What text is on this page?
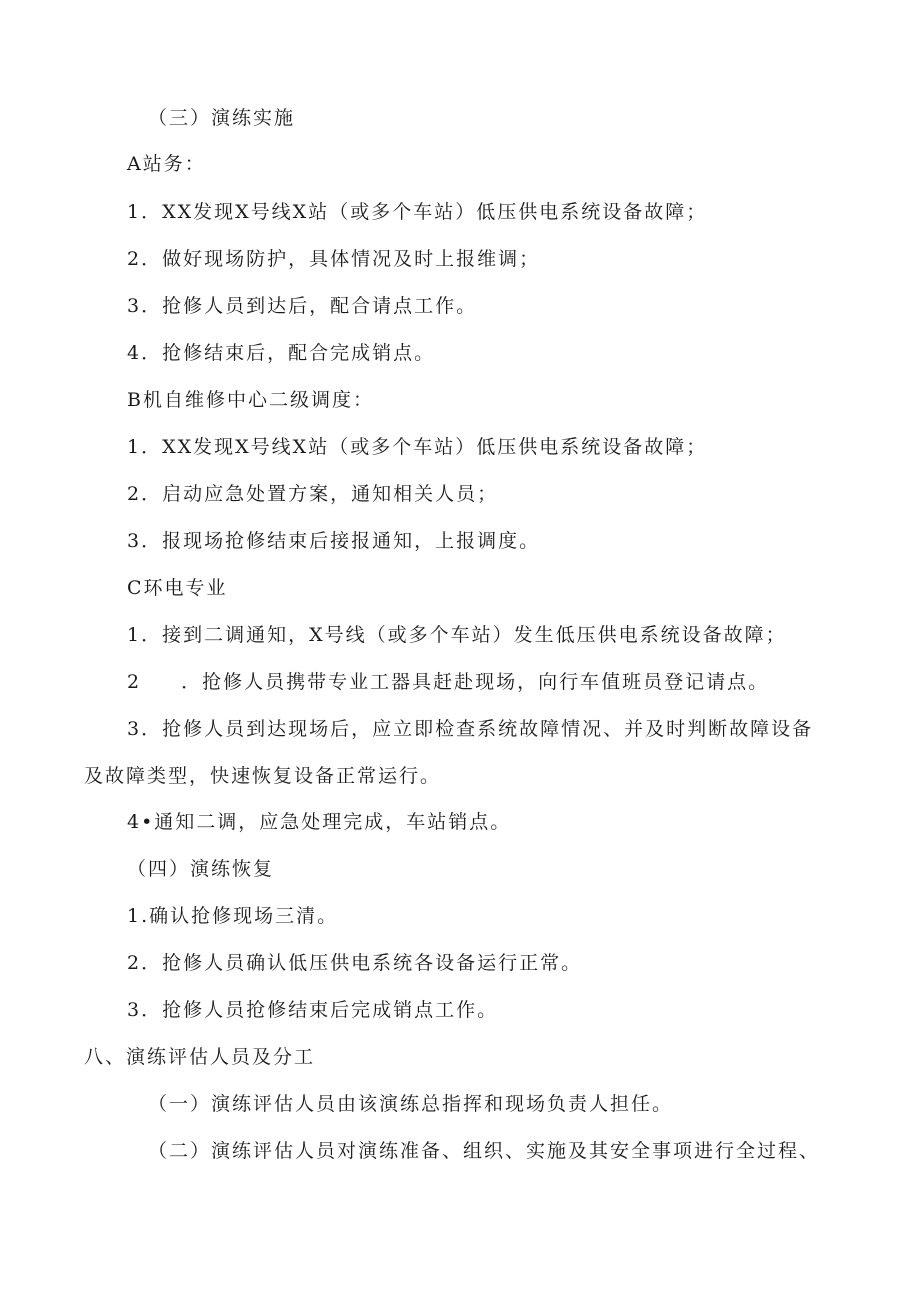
（三）演练实施
A站务：
1．XX发现X号线X站（或多个车站）低压供电系统设备故障；
2．做好现场防护，具体情况及时上报维调；
3．抢修人员到达后，配合请点工作。
4．抢修结束后，配合完成销点。
B机自维修中心二级调度：
1．XX发现X号线X站（或多个车站）低压供电系统设备故障；
2．启动应急处置方案，通知相关人员；
3．报现场抢修结束后接报通知，上报调度。
C环电专业
1．接到二调通知，X号线（或多个车站）发生低压供电系统设备故障；
2 ．抢修人员携带专业工器具赶赴现场，向行车值班员登记请点。
3．抢修人员到达现场后，应立即检查系统故障情况、并及时判断故障设备
及故障类型，快速恢复设备正常运行。
4•通知二调，应急处理完成，车站销点。
（四）演练恢复
1.确认抢修现场三清。
2．抢修人员确认低压供电系统各设备运行正常。
3．抢修人员抢修结束后完成销点工作。
八、演练评估人员及分工
（一）演练评估人员由该演练总指挥和现场负责人担任。
（二）演练评估人员对演练准备、组织、实施及其安全事项进行全过程、
